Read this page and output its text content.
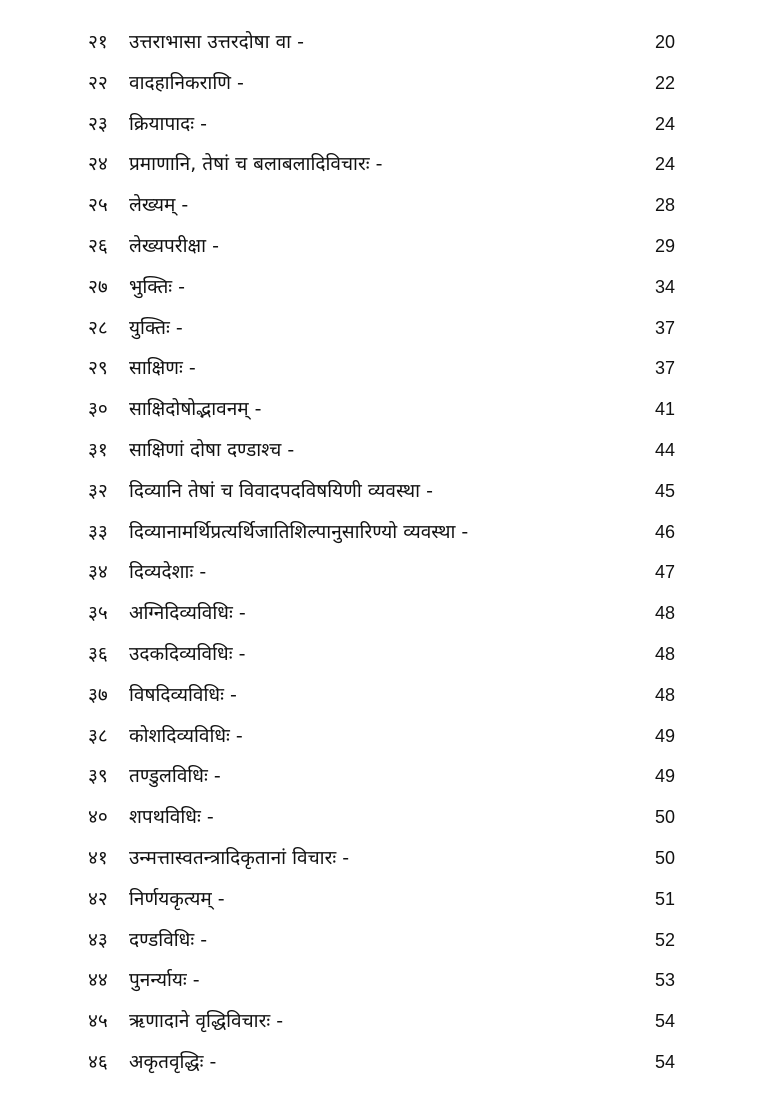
२१	उत्तराभासा उत्तरदोषा वा -	20
२२	वादहानिकराणि -	22
२३	क्रियापादः -	24
२४	प्रमाणानि, तेषां च बलाबलादिविचारः -	24
२५	लेख्यम् -	28
२६	लेख्यपरीक्षा -	29
२७	भुक्तिः -	34
२८	युक्तिः -	37
२९	साक्षिणः -	37
३०	साक्षिदोषोद्भावनम् -	41
३१	साक्षिणां दोषा दण्डाश्च -	44
३२	दिव्यानि तेषां च विवादपदविषयिणी व्यवस्था -	45
३३	दिव्यानामर्थिप्रत्यर्थिजातिशिल्पानुसारिण्यो व्यवस्था -	46
३४	दिव्यदेशाः -	47
३५	अग्निदिव्यविधिः -	48
३६	उदकदिव्यविधिः -	48
३७	विषदिव्यविधिः -	48
३८	कोशदिव्यविधिः -	49
३९	तण्डुलविधिः -	49
४०	शपथविधिः -	50
४१	उन्मत्तास्वतन्त्रादिकृतानां विचारः -	50
४२	निर्णयकृत्यम् -	51
४३	दण्डविधिः -	52
४४	पुनर्न्यायः -	53
४५	ऋणादाने वृद्धिविचारः -	54
४६	अकृतवृद्धिः -	54
